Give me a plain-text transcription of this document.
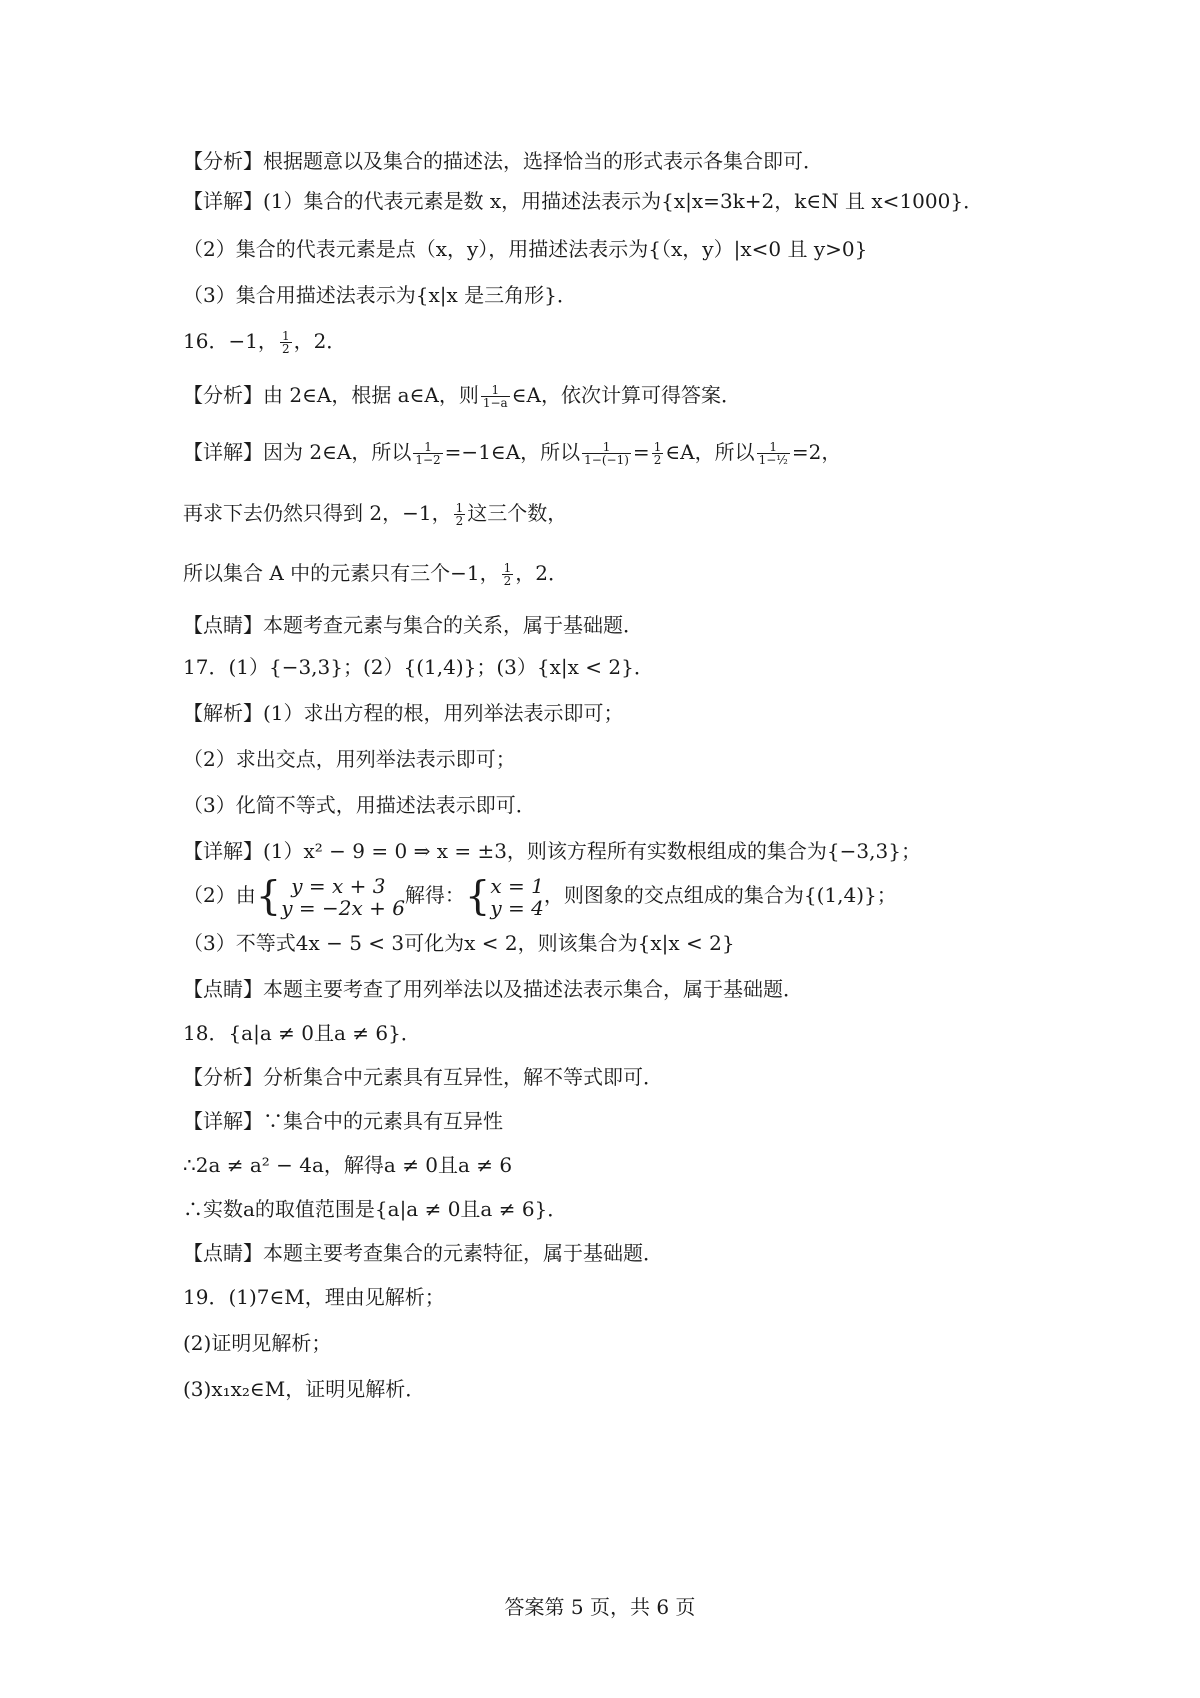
【分析】根据题意以及集合的描述法，选择恰当的形式表示各集合即可．
【详解】(1）集合的代表元素是数 x，用描述法表示为{x|x=3k+2，k∈N 且 x<1000}．
（2）集合的代表元素是点（x，y），用描述法表示为{（x，y）|x<0 且 y>0}
（3）集合用描述法表示为{x|x 是三角形}．
16．−1， $\frac{1}{2}$ ，2．
【分析】由 2∈A，根据 a∈A，则 $\frac{1}{1-a}$ ∈A，依次计算可得答案．
【详解】因为 2∈A，所以 $\frac{1}{1-2}$ =−1∈A，所以 $\frac{1}{1-(-1)} = \frac{1}{2}$ ∈A，所以 $\frac{1}{\text{1−½}} =2$，
再求下去仍然只得到 2，−1， $\frac{1}{2}$ 这三个数，
所以集合 A 中的元素只有三个−1， $\frac{1}{2}$ ，2．
【点睛】本题考查元素与集合的关系，属于基础题．
17．(1）{−3,3}；(2）{(1,4)}；(3）{x|x < 2}．
【解析】(1）求出方程的根，用列举法表示即可；
（2）求出交点，用列举法表示即可；
（3）化简不等式，用描述法表示即可．
【详解】(1）x² − 9 = 0 ⇒ x = ±3，则该方程所有实数根组成的集合为{−3,3}；
（2）由{ y = x + 3
y = −2x + 6
解得：{ x = 1
y = 4
，则图象的交点组成的集合为{(1,4)}；
（3）不等式4x − 5 < 3可化为x < 2，则该集合为{x|x < 2}
【点睛】本题主要考查了用列举法以及描述法表示集合，属于基础题．
18．{a|a ≠ 0且a ≠ 6}．
【分析】分析集合中元素具有互异性，解不等式即可．
【详解】∵集合中的元素具有互异性
∴2a ≠ a² − 4a，解得a ≠ 0且a ≠ 6
∴实数a的取值范围是{a|a ≠ 0且a ≠ 6}．
【点睛】本题主要考查集合的元素特征，属于基础题．
19．(1)7∈M，理由见解析；
(2)证明见解析；
(3)x₁x₂∈M，证明见解析．
答案第 5 页，共 6 页
